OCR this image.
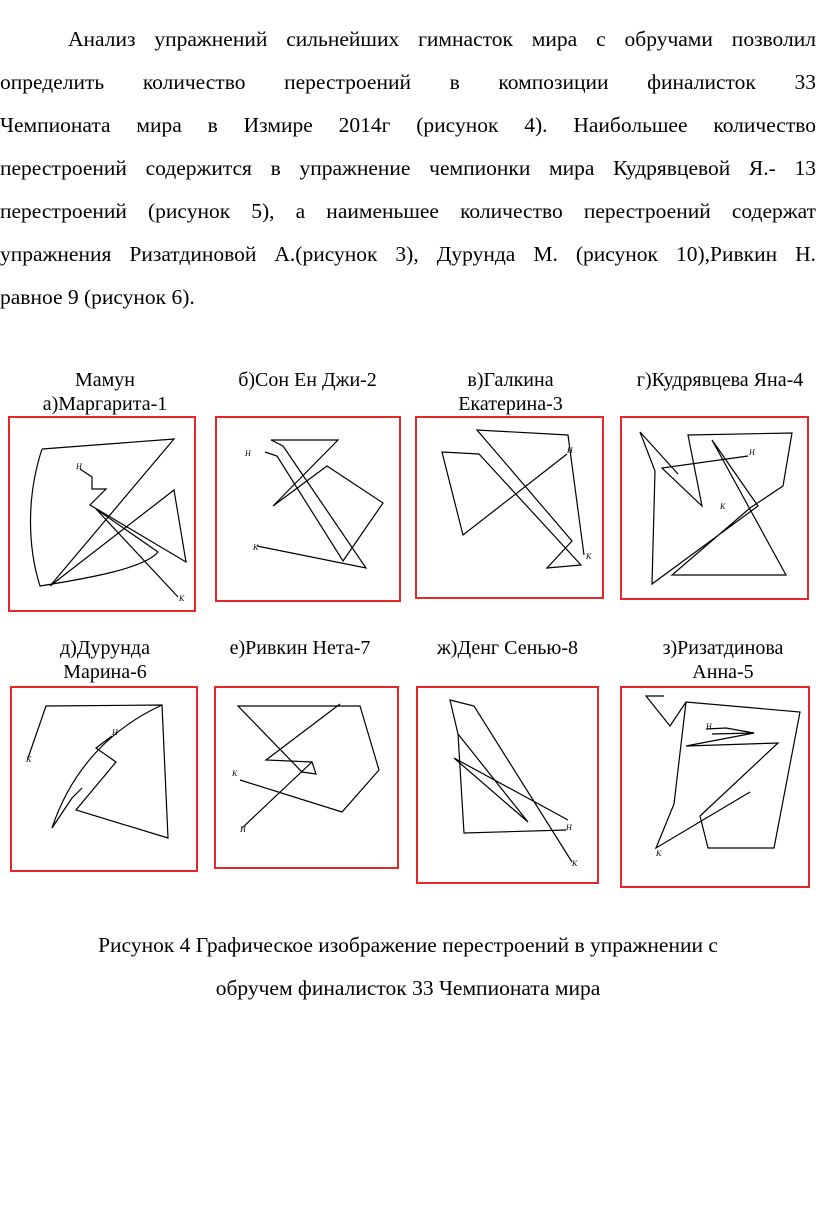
Анализ упражнений сильнейших гимнасток мира с обручами позволил
определить количество перестроений в композиции финалисток 33
Чемпионата мира в Измире 2014г (рисунок 4). Наибольшее количество
перестроений содержится в упражнение чемпионки мира Кудрявцевой Я.- 13
перестроений (рисунок 5), а наименьшее количество перестроений содержат
упражнения Ризатдиновой А.(рисунок 3), Дурунда М. (рисунок 10),Ривкин Н.
равное 9 (рисунок 6).
Мамун
а)Маргарита-1
б)Сон Ен Джи-2	в)Галкина
Екатерина-3
г)Кудрявцева Яна-4
Н
К
Н
К
Н
К
Н
К
д)Дурунда
Марина-6
е)Ривкин Нета-7	ж)Денг Сенью-8	з)Ризатдинова
Анна-5
Н
К
Н
К
Н
К
Н
К
Рисунок 4 Графическое изображение перестроений в упражнении с
обручем финалисток 33 Чемпионата мира
